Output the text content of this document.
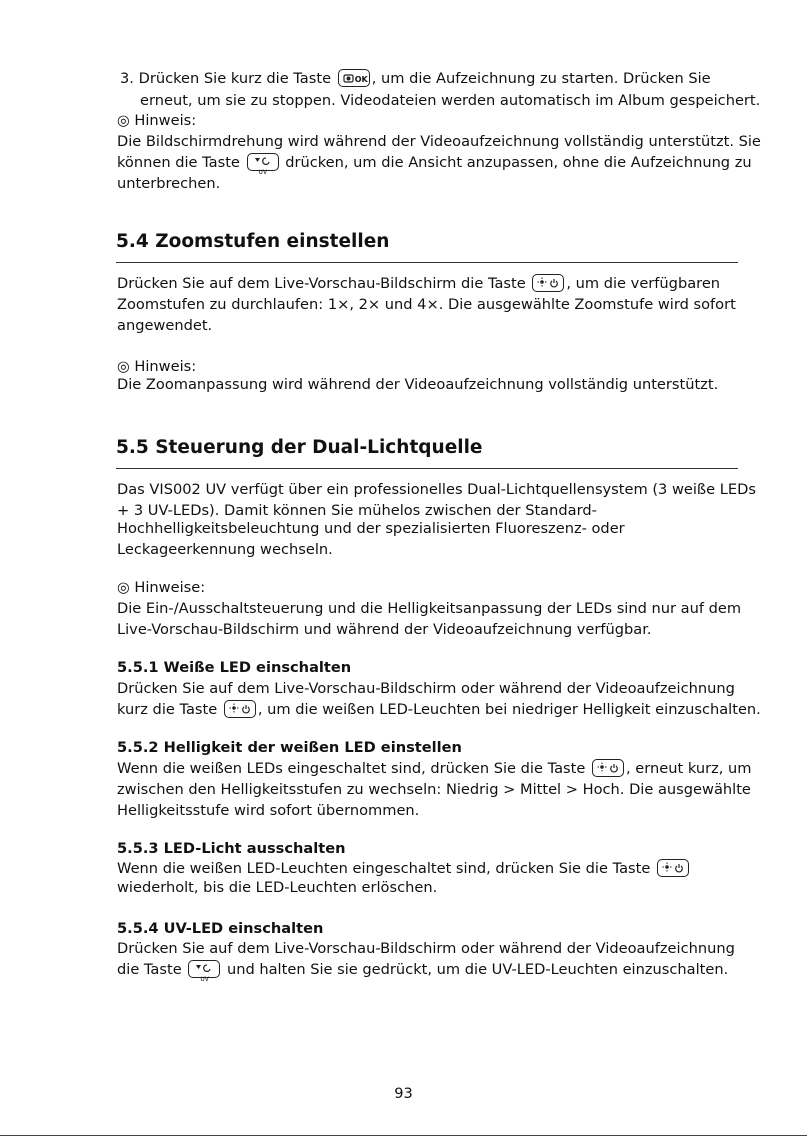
3. Drücken Sie kurz die Taste	OK , um die Aufzeichnung zu starten. Drücken Sie

erneut, um sie zu stoppen. Videodateien werden automatisch im Album gespeichert.

◎ Hinweis:

Die Bildschirmdrehung wird während der Videoaufzeichnung vollständig unterstützt. Sie

können die Taste
UV
drücken, um die Ansicht anzupassen, ohne die Aufzeichnung zu

unterbrechen.

5.4 Zoomstufen einstellen

Drücken Sie auf dem Live-Vorschau-Bildschirm die Taste	, um die verfügbaren

Zoomstufen zu durchlaufen: 1×, 2× und 4×. Die ausgewählte Zoomstufe wird sofort

angewendet.

◎ Hinweis:

Die Zoomanpassung wird während der Videoaufzeichnung vollständig unterstützt.

5.5 Steuerung der Dual-Lichtquelle

Das VIS002 UV verfügt über ein professionelles Dual-Lichtquellensystem (3 weiße LEDs

+ 3 UV-LEDs). Damit können Sie mühelos zwischen der Standard-

Hochhelligkeitsbeleuchtung und der spezialisierten Fluoreszenz- oder

Leckageerkennung wechseln.

◎ Hinweise:

Die Ein-/Ausschaltsteuerung und die Helligkeitsanpassung der LEDs sind nur auf dem

Live-Vorschau-Bildschirm und während der Videoaufzeichnung verfügbar.

5.5.1 Weiße LED einschalten

Drücken Sie auf dem Live-Vorschau-Bildschirm oder während der Videoaufzeichnung

kurz die Taste	, um die weißen LED-Leuchten bei niedriger Helligkeit einzuschalten.

5.5.2 Helligkeit der weißen LED einstellen

Wenn die weißen LEDs eingeschaltet sind, drücken Sie die Taste	, erneut kurz, um

zwischen den Helligkeitsstufen zu wechseln: Niedrig > Mittel > Hoch. Die ausgewählte

Helligkeitsstufe wird sofort übernommen.

5.5.3 LED-Licht ausschalten

Wenn die weißen LED-Leuchten eingeschaltet sind, drücken Sie die Taste

wiederholt, bis die LED-Leuchten erlöschen.

5.5.4 UV-LED einschalten

Drücken Sie auf dem Live-Vorschau-Bildschirm oder während der Videoaufzeichnung

die Taste
UV
und halten Sie sie gedrückt, um die UV-LED-Leuchten einzuschalten.

93
